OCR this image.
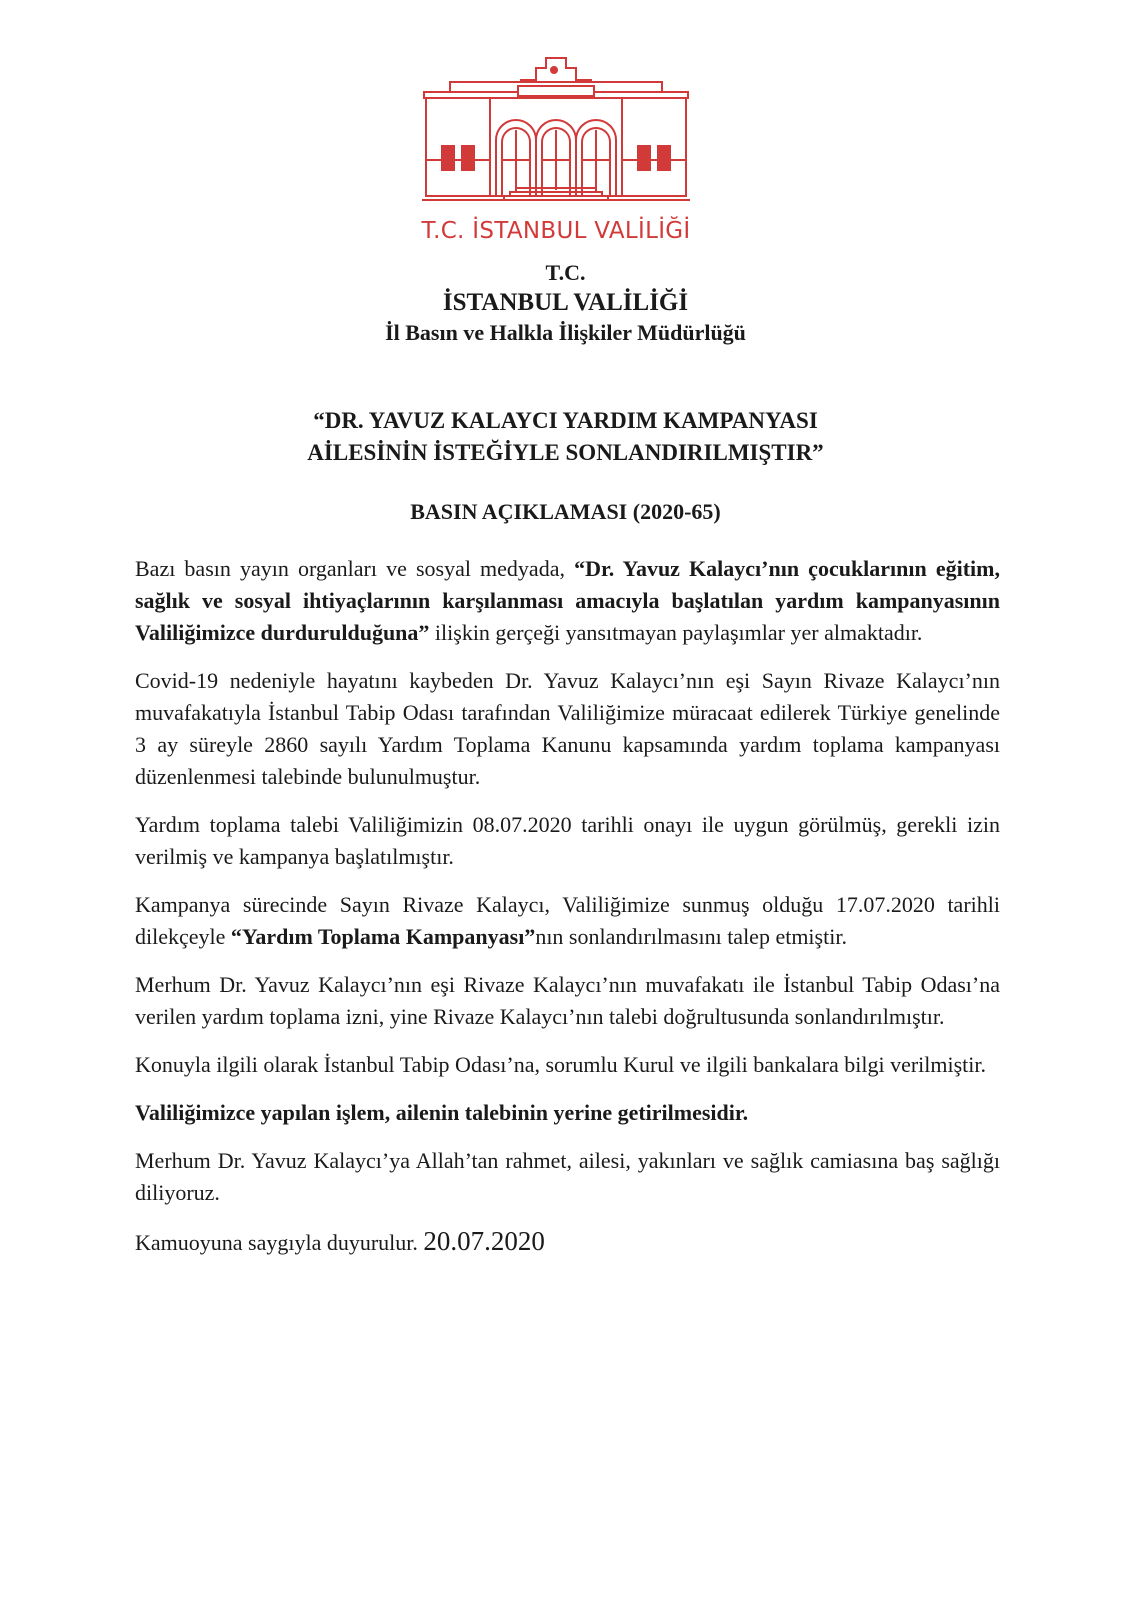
T.C. İSTANBUL VALİLİĞİ
T.C.
İSTANBUL VALİLİĞİ
İl Basın ve Halkla İlişkiler Müdürlüğü
“DR. YAVUZ KALAYCI YARDIM KAMPANYASI
AİLESİNİN İSTEĞİYLE SONLANDIRILMIŞTIR”
BASIN AÇIKLAMASI (2020-65)

Bazı basın yayın organları ve sosyal medyada, “Dr. Yavuz Kalaycı’nın çocuklarının eğitim, sağlık ve sosyal ihtiyaçlarının karşılanması amacıyla başlatılan yardım kampanyasının Valiliğimizce durdurulduğuna” ilişkin gerçeği yansıtmayan paylaşımlar yer almaktadır.

Covid-19 nedeniyle hayatını kaybeden Dr. Yavuz Kalaycı’nın eşi Sayın Rivaze Kalaycı’nın muvafakatıyla İstanbul Tabip Odası tarafından Valiliğimize müracaat edilerek Türkiye genelinde 3 ay süreyle 2860 sayılı Yardım Toplama Kanunu kapsamında yardım toplama kampanyası düzenlenmesi talebinde bulunulmuştur.

Yardım toplama talebi Valiliğimizin 08.07.2020 tarihli onayı ile uygun görülmüş, gerekli izin verilmiş ve kampanya başlatılmıştır.

Kampanya sürecinde Sayın Rivaze Kalaycı, Valiliğimize sunmuş olduğu 17.07.2020 tarihli dilekçeyle “Yardım Toplama Kampanyası”nın sonlandırılmasını talep etmiştir.

Merhum Dr. Yavuz Kalaycı’nın eşi Rivaze Kalaycı’nın muvafakatı ile İstanbul Tabip Odası’na verilen yardım toplama izni, yine Rivaze Kalaycı’nın talebi doğrultusunda sonlandırılmıştır.

Konuyla ilgili olarak İstanbul Tabip Odası’na, sorumlu Kurul ve ilgili bankalara bilgi verilmiştir.

Valiliğimizce yapılan işlem, ailenin talebinin yerine getirilmesidir.

Merhum Dr. Yavuz Kalaycı’ya Allah’tan rahmet, ailesi, yakınları ve sağlık camiasına baş sağlığı diliyoruz.

Kamuoyuna saygıyla duyurulur. 20.07.2020
